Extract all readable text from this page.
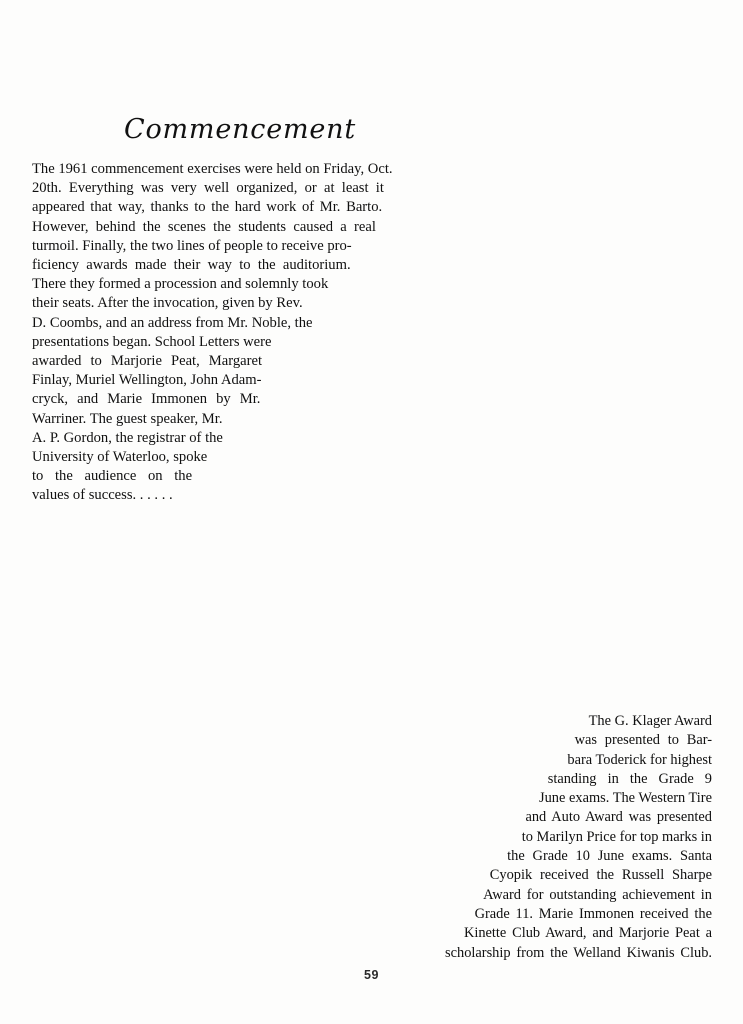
Commencement
The 1961 commencement exercises were held on Friday, Oct.
20th. Everything was very well organized, or at least it
appeared that way, thanks to the hard work of Mr. Barto.
However, behind the scenes the students caused a real
turmoil. Finally, the two lines of people to receive pro-
ficiency awards made their way to the auditorium.
There they formed a procession and solemnly took
their seats. After the invocation, given by Rev.
D. Coombs, and an address from Mr. Noble, the
presentations began. School Letters were
awarded to Marjorie Peat, Margaret
Finlay, Muriel Wellington, John Adam-
cryck, and Marie Immonen by Mr.
Warriner. The guest speaker, Mr.
A. P. Gordon, the registrar of the
University of Waterloo, spoke
to the audience on the
values of success. . . . . .
The G. Klager Award
was presented to Bar-
bara Toderick for highest
standing in the Grade 9
June exams. The Western Tire
and Auto Award was presented
to Marilyn Price for top marks in
the Grade 10 June exams. Santa
Cyopik received the Russell Sharpe
Award for outstanding achievement in
Grade 11. Marie Immonen received the
Kinette Club Award, and Marjorie Peat a
scholarship from the Welland Kiwanis Club.
59
